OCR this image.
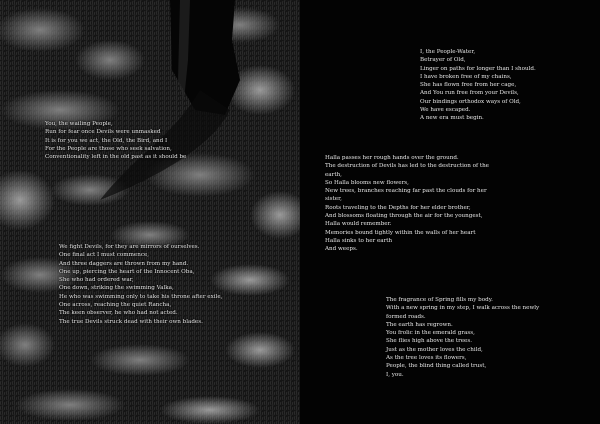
You, the wailing People,
Run for fear once Devils were unmasked
It is for you we act, the Old, the Bird, and I
For the People are those who seek salvation,
Conventionality left in the old past as it should be
We fight Devils, for they are mirrors of ourselves.
One final act I must commence,
And three daggers are thrown from my hand.
One up, piercing the heart of the Innocent Oba,
She who had ordered war,
One down, striking the swimming Valka,
He who was swimming only to take his throne after exile,
One across, reaching the quiet Rancha,
The keen observer, he who had not acted.
The true Devils struck dead with their own blades.
I, the People-Water,
Betrayer of Old,
Linger on paths for longer than I should.
I have broken free of my chains,
She has flown free from her cage,
And You run free from your Devils,
Our bindings orthodox ways of Old,
We have escaped.
A new era must begin.
Halla passes her rough hands over the ground.
The destruction of Devils has led to the destruction of the
earth,
So Halla blooms new flowers,
New trees, branches reaching far past the clouds for her
sister,
Roots traveling to the Depths for her elder brother,
And blossoms floating through the air for the youngest,
Halla would remember.
Memories bound tightly within the walls of her heart
Halla sinks to her earth
And weeps.
The fragrance of Spring fills my body.
With a new spring in my step, I walk across the newly
formed roads.
The earth has regrown.
You frolic in the emerald grass,
She flies high above the trees.
Just as the mother loves the child,
As the tree loves its flowers,
People, the blind thing called trust,
I, you.
